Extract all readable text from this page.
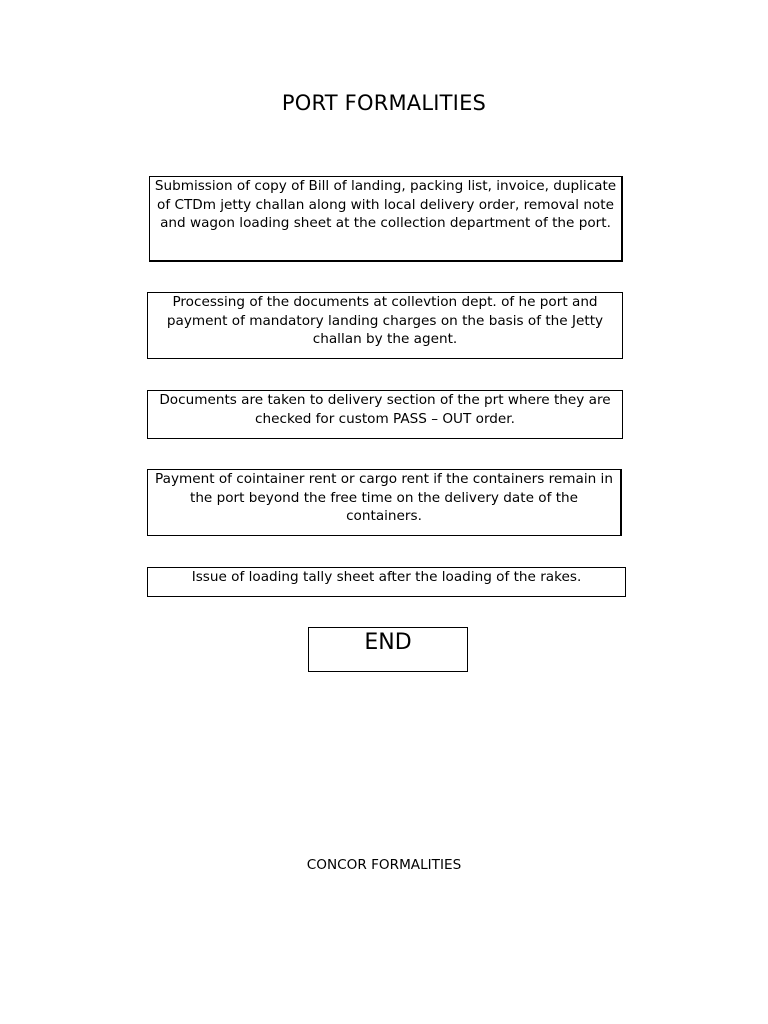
PORT FORMALITIES
Submission of copy of Bill of landing, packing list, invoice, duplicate of CTDm jetty challan along with local delivery order, removal note and wagon loading sheet at the collection department of the port.
Processing of the documents at collevtion dept. of he port and payment of mandatory landing charges on the basis of the Jetty challan by the agent.
Documents are taken to delivery section of the prt where they are checked for custom PASS – OUT order.
Payment of cointainer rent or cargo rent if the containers remain in the port beyond the free time on the delivery date of the containers.
Issue of loading tally sheet after the loading of the rakes.
END
CONCOR FORMALITIES
